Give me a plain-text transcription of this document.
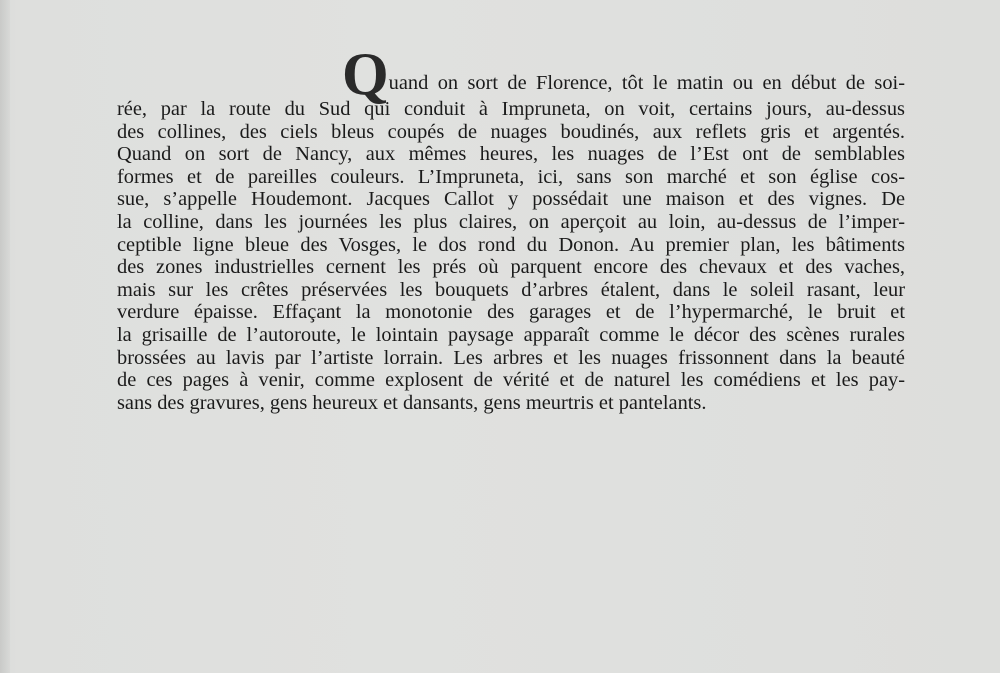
Q uand on sort de Florence, tôt le matin ou en début de soi-
rée, par la route du Sud qui conduit à Impruneta, on voit, certains jours, au-dessus
des collines, des ciels bleus coupés de nuages boudinés, aux reflets gris et argentés.
Quand on sort de Nancy, aux mêmes heures, les nuages de l’Est ont de semblables
formes et de pareilles couleurs. L’Impruneta, ici, sans son marché et son église cos-
sue, s’appelle Houdemont. Jacques Callot y possédait une maison et des vignes. De
la colline, dans les journées les plus claires, on aperçoit au loin, au-dessus de l’imper-
ceptible ligne bleue des Vosges, le dos rond du Donon. Au premier plan, les bâtiments
des zones industrielles cernent les prés où parquent encore des chevaux et des vaches,
mais sur les crêtes préservées les bouquets d’arbres étalent, dans le soleil rasant, leur
verdure épaisse. Effaçant la monotonie des garages et de l’hypermarché, le bruit et
la grisaille de l’autoroute, le lointain paysage apparaît comme le décor des scènes rurales
brossées au lavis par l’artiste lorrain. Les arbres et les nuages frissonnent dans la beauté
de ces pages à venir, comme explosent de vérité et de naturel les comédiens et les pay-
sans des gravures, gens heureux et dansants, gens meurtris et pantelants.
